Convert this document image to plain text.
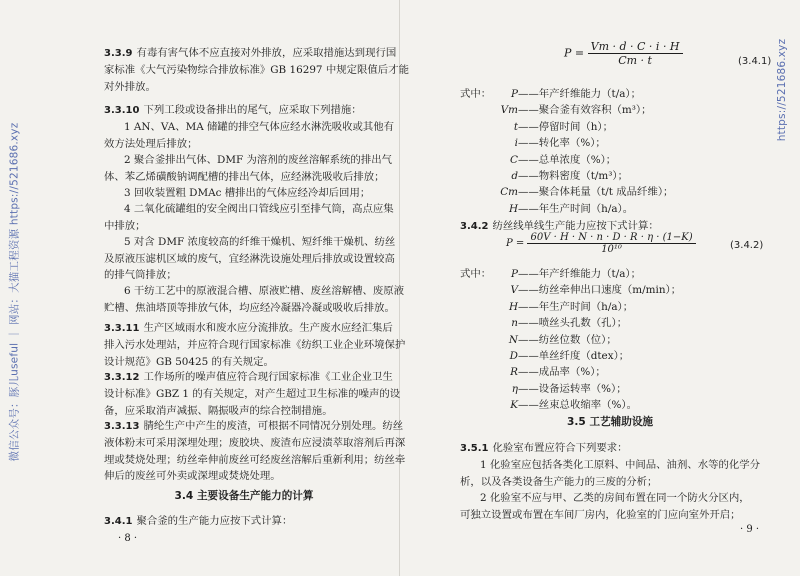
微信公众号：豚儿useful ｜ 网站：大猫工程资源 https://521686.xyz
https://521686.xyz
3.3.9 有毒有害气体不应直接对外排放，应采取措施达到现行国
家标准《大气污染物综合排放标准》GB 16297 中规定限值后才能
对外排放。
3.3.10 下列工段或设备排出的尾气，应采取下列措施：
1 AN、VA、MA 储罐的排空气体应经水淋洗吸收或其他有
效方法处理后排放；
2 聚合釜排出气体、DMF 为溶剂的废丝溶解系统的排出气
体、苯乙烯磺酸钠调配槽的排出气体，应经淋洗吸收后排放；
3 回收装置粗 DMAc 槽排出的气体应经冷却后回用；
4 二氧化硫罐组的安全阀出口管线应引至排气筒，高点应集
中排放；
5 对含 DMF 浓度较高的纤维干燥机、短纤维干燥机、纺丝
及原液压滤机区域的废气，宜经淋洗设施处理后排放或设置较高
的排气筒排放；
6 干纺工艺中的原液混合槽、原液贮槽、废丝溶解槽、废原液
贮槽、焦油塔顶等排放气体，均应经冷凝器冷凝或吸收后排放。
3.3.11 生产区域雨水和废水应分流排放。生产废水应经汇集后
排入污水处理站，并应符合现行国家标准《纺织工业企业环境保护
设计规范》GB 50425 的有关规定。
3.3.12 工作场所的噪声值应符合现行国家标准《工业企业卫生
设计标准》GBZ 1 的有关规定，对产生超过卫生标准的噪声的设
备，应采取消声减振、隔振吸声的综合控制措施。
3.3.13 腈纶生产中产生的废渣，可根据不同情况分别处理。纺丝
液体粉末可采用深埋处理；废胶块、废渣布应浸渍萃取溶剂后再深
埋或焚烧处理；纺丝牵伸前废丝可经废丝溶解后重新利用；纺丝牵
伸后的废丝可外卖或深埋或焚烧处理。
3.4 主要设备生产能力的计算
3.4.1 聚合釜的生产能力应按下式计算：
· 8 ·
$P = \frac{Vm \cdot d \cdot C \cdot i \cdot H}{Cm \cdot t}$	(3.4.1)
式中： P——年产纤维能力（t/a）；
Vm——聚合釜有效容积（m³）；
t——停留时间（h）；
i——转化率（%）；
C——总单浓度（%）；
d——物料密度（t/m³）；
Cm——聚合体耗量（t/t 成品纤维）；
H——年生产时间（h/a）。
3.4.2 纺丝线单线生产能力应按下式计算：
$P = \frac{60V \cdot H \cdot N \cdot n \cdot D \cdot R \cdot \eta \cdot (1-K)}{\text{10¹⁰}}$	(3.4.2)
式中： P——年产纤维能力（t/a）；
V——纺丝牵伸出口速度（m/min）；
H——年生产时间（h/a）；
n——喷丝头孔数（孔）；
N——纺丝位数（位）；
D——单丝纤度（dtex）；
R——成品率（%）；
η——设备运转率（%）；
K——丝束总收缩率（%）。
3.5 工艺辅助设施
3.5.1 化验室布置应符合下列要求：
1 化验室应包括各类化工原料、中间品、油剂、水等的化学分
析，以及各类设备生产能力的三废的分析；
2 化验室不应与甲、乙类的房间布置在同一个防火分区内，
可独立设置或布置在车间厂房内，化验室的门应向室外开启；
· 9 ·
